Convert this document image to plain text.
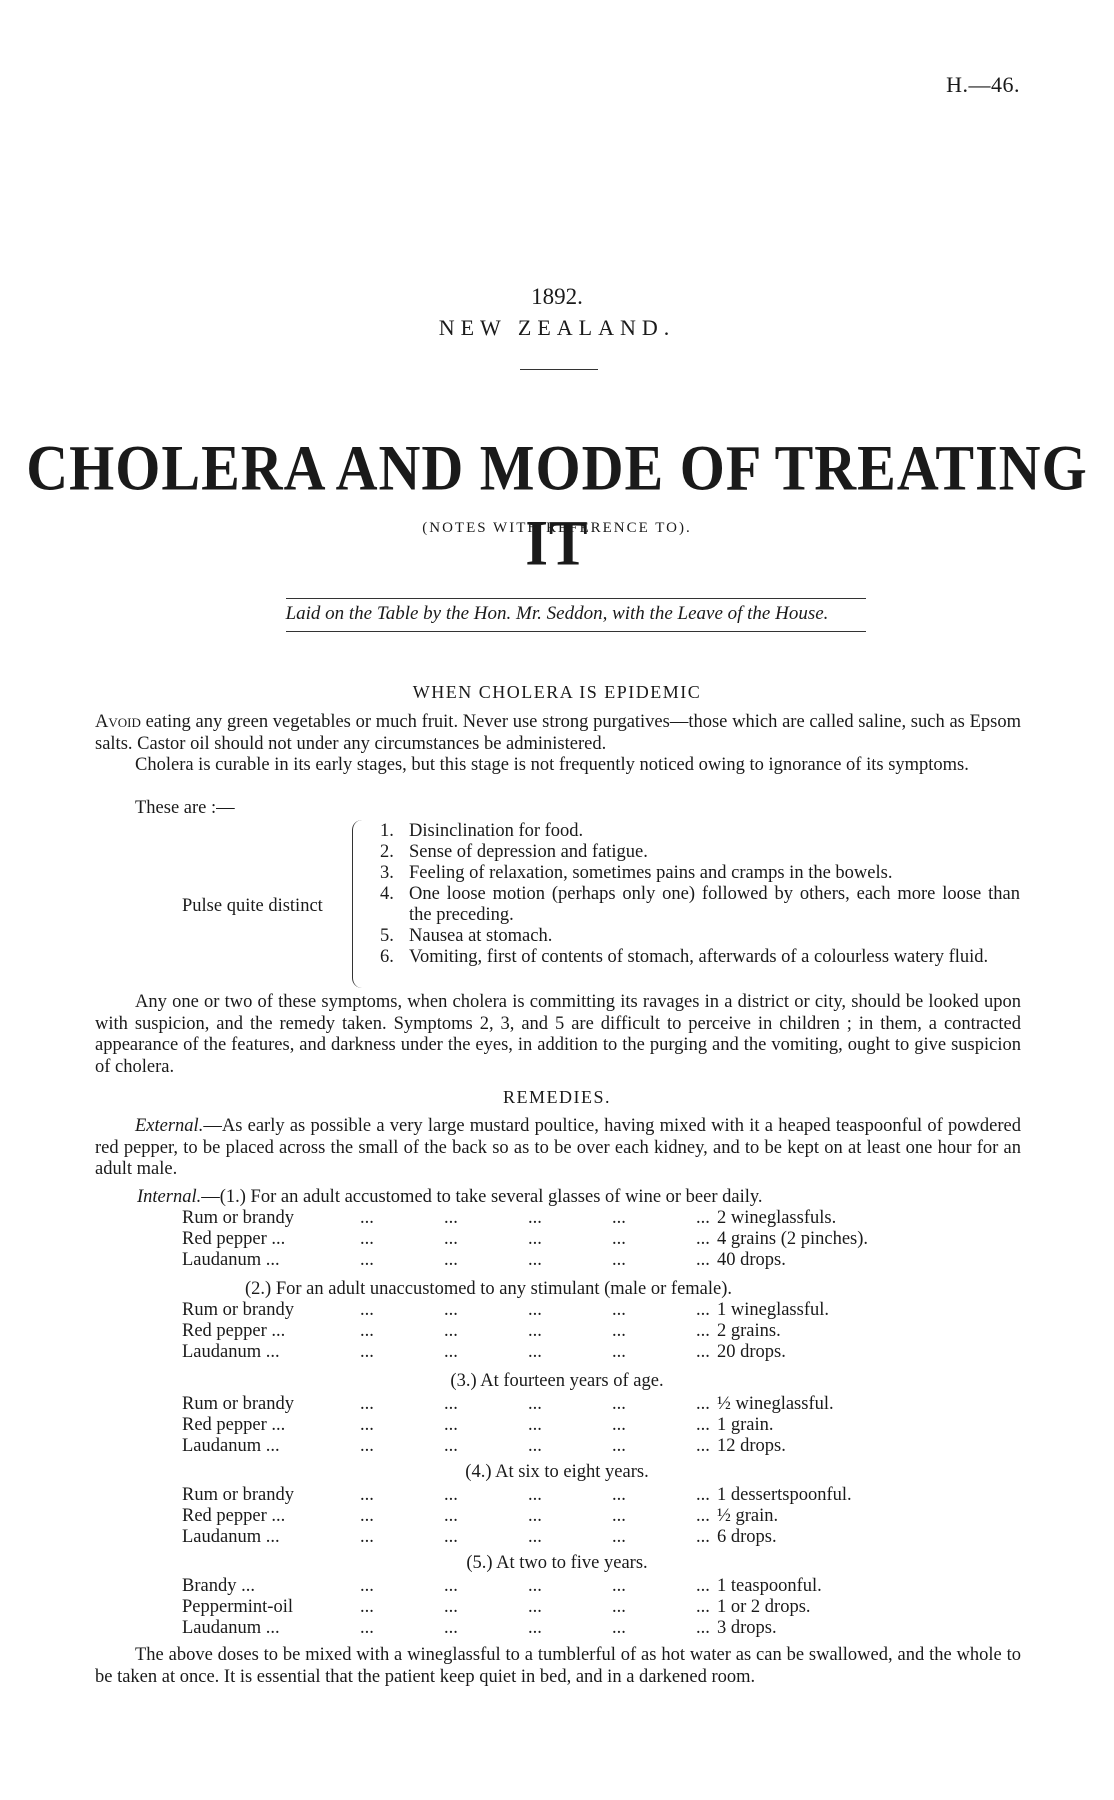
H.—46.
1892.
NEW ZEALAND.
CHOLERA AND MODE OF TREATING IT
(NOTES WITH REFERENCE TO).
Laid on the Table by the Hon. Mr. Seddon, with the Leave of the House.
WHEN CHOLERA IS EPIDEMIC
Avoid eating any green vegetables or much fruit. Never use strong purgatives—those which are called saline, such as Epsom salts. Castor oil should not under any circumstances be administered.
Cholera is curable in its early stages, but this stage is not frequently noticed owing to ignorance of its symptoms.
These are :—
Pulse quite distinct
1. Disinclination for food.
2. Sense of depression and fatigue.
3. Feeling of relaxation, sometimes pains and cramps in the bowels.
4. One loose motion (perhaps only one) followed by others, each more loose than the preceding.
5. Nausea at stomach.
6. Vomiting, first of contents of stomach, afterwards of a colourless watery fluid.
Any one or two of these symptoms, when cholera is committing its ravages in a district or city, should be looked upon with suspicion, and the remedy taken. Symptoms 2, 3, and 5 are difficult to perceive in children ; in them, a contracted appearance of the features, and darkness under the eyes, in addition to the purging and the vomiting, ought to give suspicion of cholera.
REMEDIES.
External.—As early as possible a very large mustard poultice, having mixed with it a heaped teaspoonful of powdered red pepper, to be placed across the small of the back so as to be over each kidney, and to be kept on at least one hour for an adult male.
Internal.—(1.) For an adult accustomed to take several glasses of wine or beer daily.
Rum or brandy	...	...	...	...	... 2 wineglassfuls.
Red pepper ...	...	...	...	...	... 4 grains (2 pinches).
Laudanum ...	...	...	...	...	... 40 drops.
(2.) For an adult unaccustomed to any stimulant (male or female).
Rum or brandy	...	...	...	...	... 1 wineglassful.
Red pepper ...	...	...	...	...	... 2 grains.
Laudanum ...	...	...	...	...	... 20 drops.
(3.) At fourteen years of age.
Rum or brandy	...	...	...	...	... ½ wineglassful.
Red pepper ...	...	...	...	...	... 1 grain.
Laudanum ...	...	...	...	...	... 12 drops.
(4.) At six to eight years.
Rum or brandy	...	...	...	...	... 1 dessertspoonful.
Red pepper ...	...	...	...	...	... ½ grain.
Laudanum ...	...	...	...	...	... 6 drops.
(5.) At two to five years.
Brandy ...	...	...	...	...	... 1 teaspoonful.
Peppermint-oil	...	...	...	...	... 1 or 2 drops.
Laudanum ...	...	...	...	...	... 3 drops.
The above doses to be mixed with a wineglassful to a tumblerful of as hot water as can be swallowed, and the whole to be taken at once. It is essential that the patient keep quiet in bed, and in a darkened room.
